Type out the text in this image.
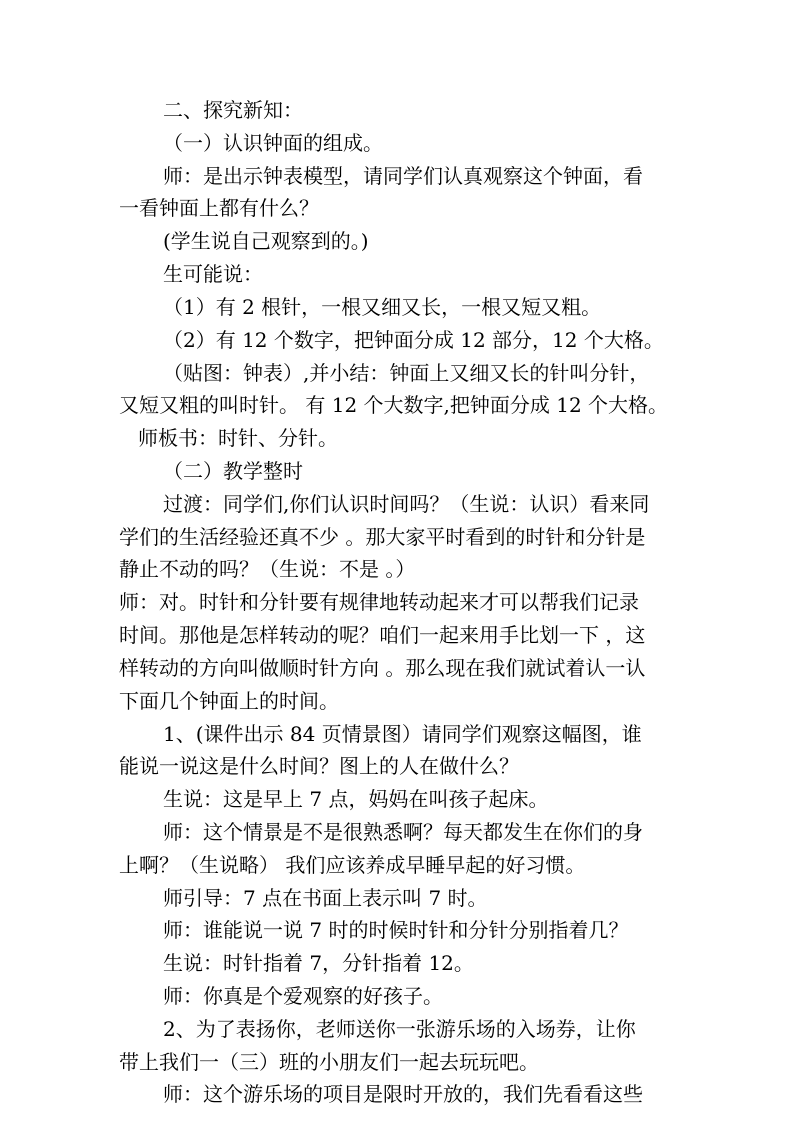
二、探究新知：
（一）认识钟面的组成。
师：是出示钟表模型，请同学们认真观察这个钟面，看
一看钟面上都有什么？
(学生说自己观察到的。)
生可能说：
（1）有 2 根针，一根又细又长，一根又短又粗。
（2）有 12 个数字，把钟面分成 12 部分，12 个大格。
（贴图：钟表）,并小结：钟面上又细又长的针叫分针，
又短又粗的叫时针。 有 12 个大数字,把钟面分成 12 个大格。
师板书：时针、分针。
（二）教学整时
过渡：同学们,你们认识时间吗？（生说：认识）看来同
学们的生活经验还真不少 。那大家平时看到的时针和分针是
静止不动的吗？（生说：不是 。）
师：对。时针和分针要有规律地转动起来才可以帮我们记录
时间。那他是怎样转动的呢？咱们一起来用手比划一下 ，这
样转动的方向叫做顺时针方向 。那么现在我们就试着认一认
下面几个钟面上的时间。
1、(课件出示 84 页情景图）请同学们观察这幅图，谁
能说一说这是什么时间？图上的人在做什么？
生说：这是早上 7 点，妈妈在叫孩子起床。
师：这个情景是不是很熟悉啊？每天都发生在你们的身
上啊？（生说略） 我们应该养成早睡早起的好习惯。
师引导：7 点在书面上表示叫 7 时。
师：谁能说一说 7 时的时候时针和分针分别指着几？
生说：时针指着 7，分针指着 12。
师：你真是个爱观察的好孩子。
2、为了表扬你，老师送你一张游乐场的入场券，让你
带上我们一（三）班的小朋友们一起去玩玩吧。
师：这个游乐场的项目是限时开放的，我们先看看这些
